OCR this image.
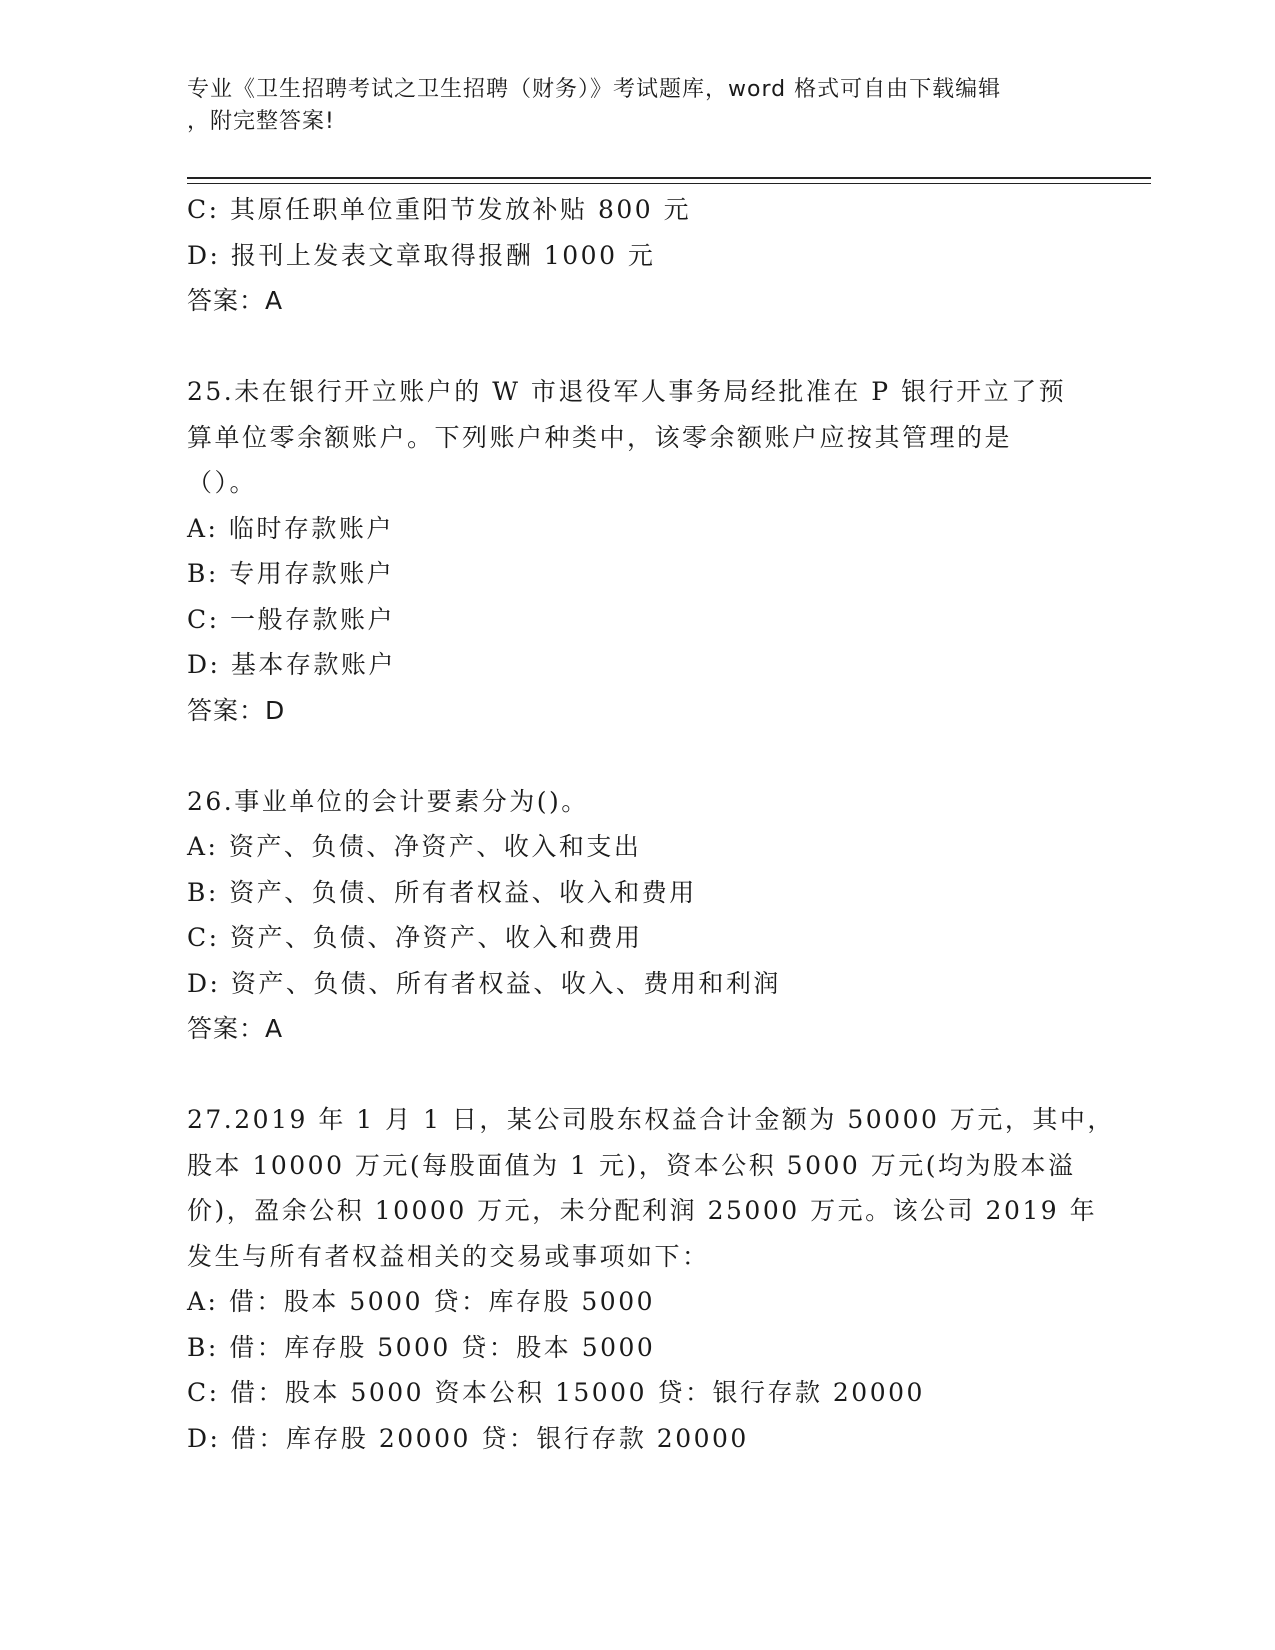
专业《卫生招聘考试之卫生招聘（财务）》考试题库，word 格式可自由下载编辑
，附完整答案!
C: 其原任职单位重阳节发放补贴 800 元
D: 报刊上发表文章取得报酬 1000 元
答案：A
25.未在银行开立账户的 W 市退役军人事务局经批准在 P 银行开立了预
算单位零余额账户。下列账户种类中，该零余额账户应按其管理的是
（）。
A: 临时存款账户
B: 专用存款账户
C: 一般存款账户
D: 基本存款账户
答案：D
26.事业单位的会计要素分为()。
A: 资产、负债、净资产、收入和支出
B: 资产、负债、所有者权益、收入和费用
C: 资产、负债、净资产、收入和费用
D: 资产、负债、所有者权益、收入、费用和利润
答案：A
27.2019 年 1 月 1 日，某公司股东权益合计金额为 50000 万元，其中，
股本 10000 万元(每股面值为 1 元)，资本公积 5000 万元(均为股本溢
价)，盈余公积 10000 万元，未分配利润 25000 万元。该公司 2019 年
发生与所有者权益相关的交易或事项如下：
A: 借：股本 5000 贷：库存股 5000
B: 借：库存股 5000 贷：股本 5000
C: 借：股本 5000 资本公积 15000 贷：银行存款 20000
D: 借：库存股 20000 贷：银行存款 20000
